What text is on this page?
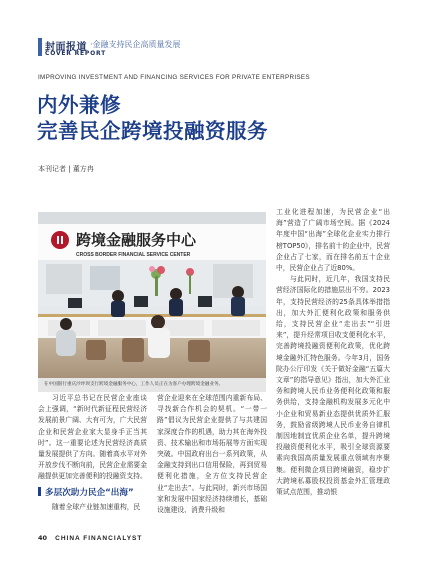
封面报道 ·金融支持民企高质量发展
COVER REPORT
IMPROVING INVESTMENT AND FINANCING SERVICES FOR PRIVATE ENTERPRISES
内外兼修
完善民企跨境投融资服务
本刊记者 | 董方冉
跨境金融服务中心
CROSS BORDER FINANCIAL SERVICE CENTER
在中国银行重庆沙坪坝支行跨境金融服务中心，工作人员正在为客户办理跨境金融业务。

习近平总书记在民营企业座谈会上强调，“新时代新征程民营经济发展前景广阔、大有可为，广大民营企业和民营企业家大显身手正当其时”。这一重要论述为民营经济高质量发展提供了方向。随着高水平对外开放步伐不断向前，民营企业需要金融提供更加完善便利的投融资支持。

多层次助力民企“出海”

随着全球产业链加速重构，民

营企业迎来在全球范围内重新布局、寻找新合作机会的契机。“一带一路”倡议为民营企业提供了与共建国家深度合作的机遇，助力其在海外投资、技术输出和市场拓展等方面实现突破。中国政府出台一系列政策，从金融支持到出口信用保险，再到贸易便利化措施，全方位支持民营企业“走出去”。与此同时，新兴市场国家和发展中国家经济持续增长，基础设施建设、消费升级和

工业化进程加速，为民营企业“出海”营造了广阔市场空间。据《2024年度中国“出海”全球化企业实力排行榜TOP50》，排名前十的企业中，民营企业占了七家，而在排名前五十企业中，民营企业占了近80%。

与此同时，近几年，我国支持民营经济国际化的措施层出不穷。2023年，支持民营经济的25条具体举措指出，加大外汇便利化政策和服务供给，支持民营企业“走出去”“引进来”，提升经常项目收支便利化水平，完善跨境投融资便利化政策，优化跨境金融外汇特色服务。今年3月，国务院办公厅印发《关于做好金融“五篇大文章”的指导意见》指出，加大外汇业务和跨境人民币业务便利化政策和服务供给，支持金融机构发展多元化中小企业和贸易新业态提供优质外汇服务，鼓励省级跨境人民币业务自律机制因地制宜优质企业名单，提升跨境投融资便利化水平，吸引全球资源要素向我国高质量发展重点领域有序聚集。便利微企项目跨境融资，稳步扩大跨境私募股权投资基金外汇管理政策试点范围，推动银

40 CHINA FINANCIALYST
